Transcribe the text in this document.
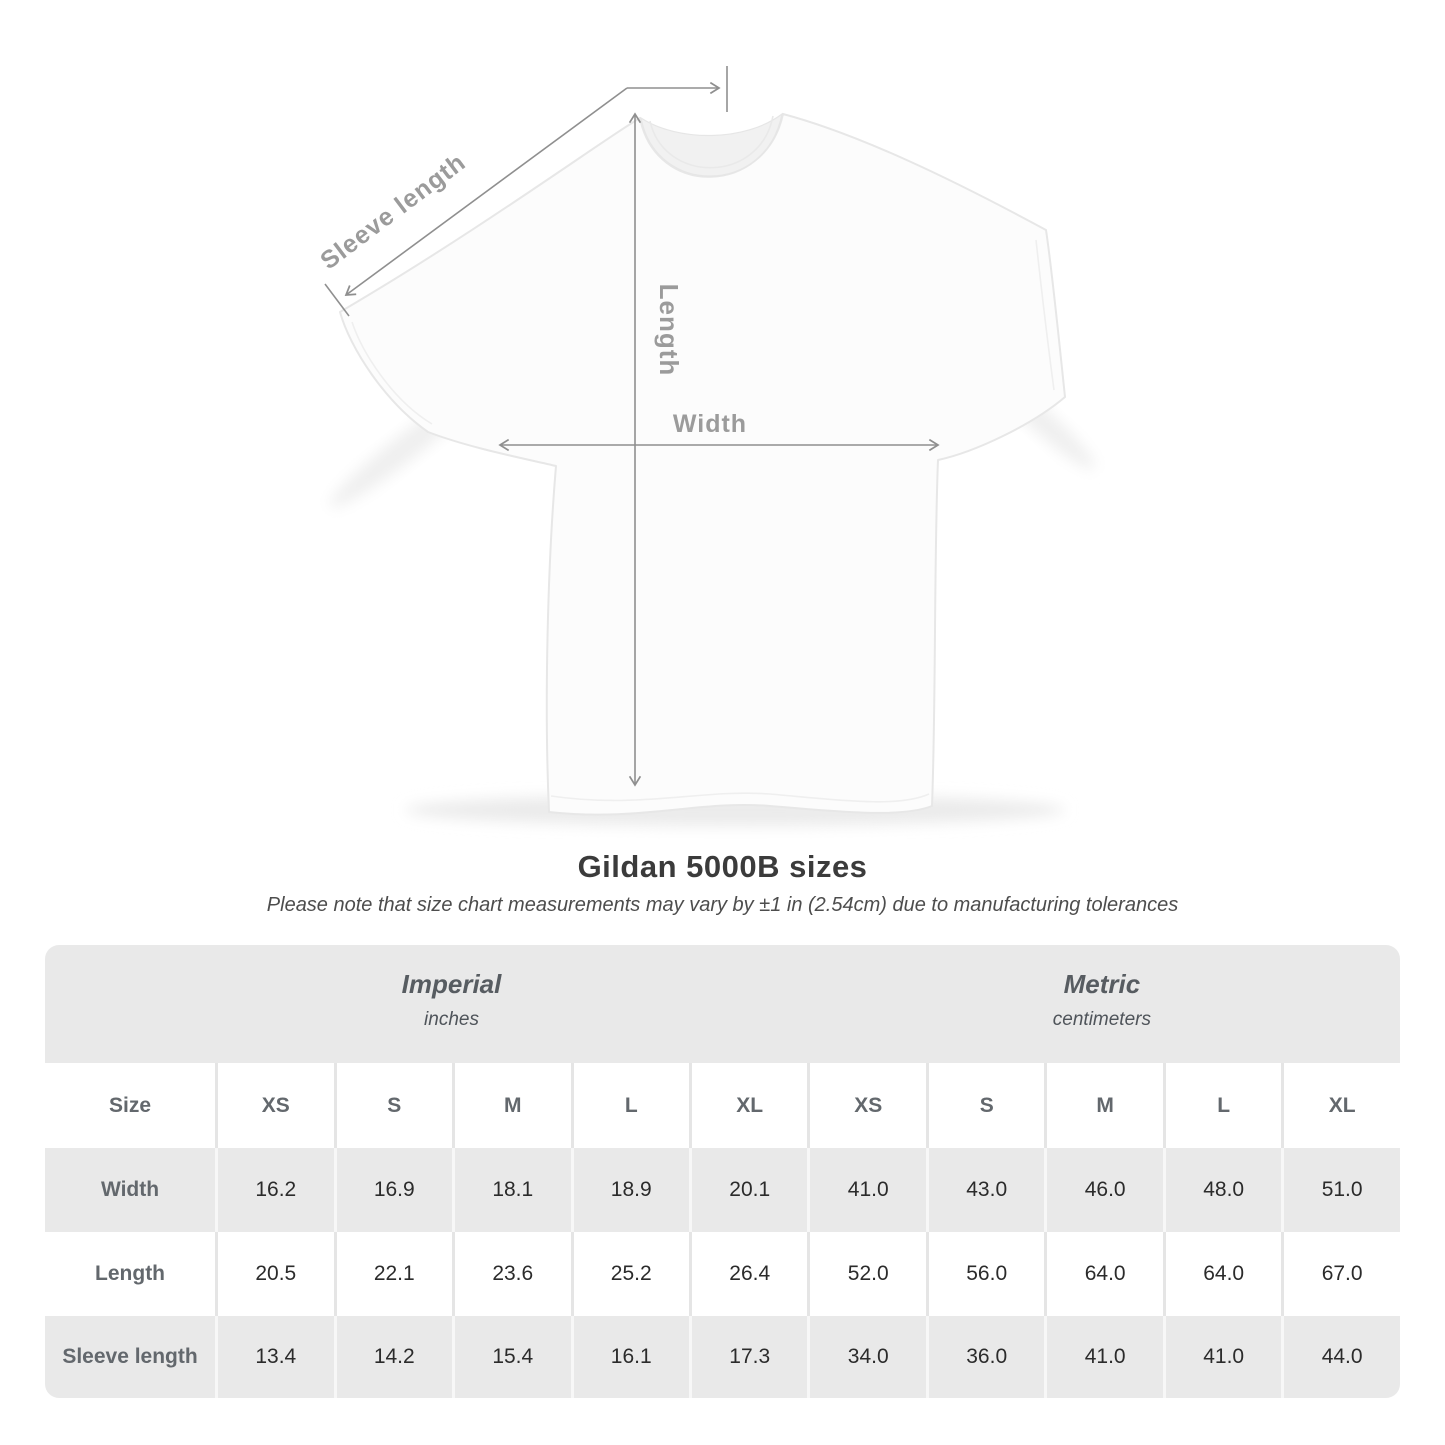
Sleeve length
Length
Width
Gildan 5000B sizes
Please note that size chart measurements may vary by ±1 in (2.54cm) due to manufacturing tolerances
Imperial
inches
Metric
centimeters
Size	XS	S	M	L	XL	XS	S	M	L	XL
Width	16.2	16.9	18.1	18.9	20.1	41.0	43.0	46.0	48.0	51.0
Length	20.5	22.1	23.6	25.2	26.4	52.0	56.0	64.0	64.0	67.0
Sleeve length	13.4	14.2	15.4	16.1	17.3	34.0	36.0	41.0	41.0	44.0
